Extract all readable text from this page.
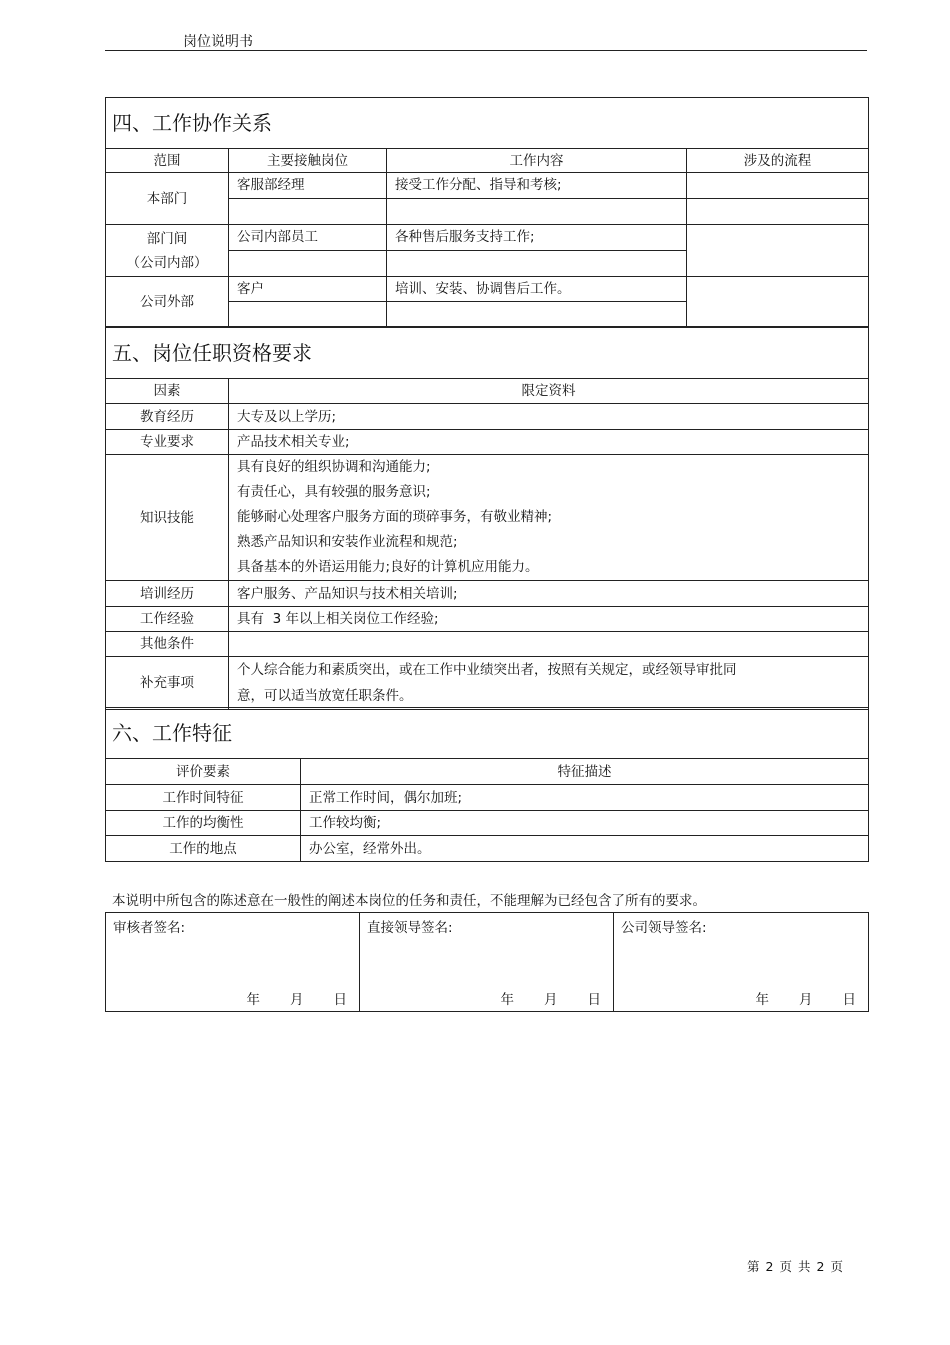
岗位说明书
四、工作协作关系			
范围	主要接触岗位	工作内容	涉及的流程
本部门	客服部经理	接受工作分配、指导和考核;	

部门间
（公司内部）	公司内部员工	各种售后服务支持工作;	

公司外部	客户	培训、安装、协调售后工作。	

五、岗位任职资格要求	
因素	限定资料
教育经历	大专及以上学历;
专业要求	产品技术相关专业;
知识技能	具有良好的组织协调和沟通能力;
有责任心，具有较强的服务意识;
能够耐心处理客户服务方面的琐碎事务，有敬业精神;
熟悉产品知识和安装作业流程和规范;
具备基本的外语运用能力;良好的计算机应用能力。

培训经历	客户服务、产品知识与技术相关培训;
工作经验	具有  3 年以上相关岗位工作经验;
其他条件	
补充事项	个人综合能力和素质突出，或在工作中业绩突出者，按照有关规定，或经领导审批同
意，可以适当放宽任职条件。
六、工作特征	
评价要素	特征描述
工作时间特征	正常工作时间，偶尔加班;
工作的均衡性	工作较均衡;
工作的地点	办公室，经常外出。
本说明中所包含的陈述意在一般性的阐述本岗位的任务和责任，不能理解为已经包含了所有的要求。
审核者签名:
年 月 日

直接领导签名:
年 月 日

公司领导签名:
年 月 日
第 2 页 共 2 页
